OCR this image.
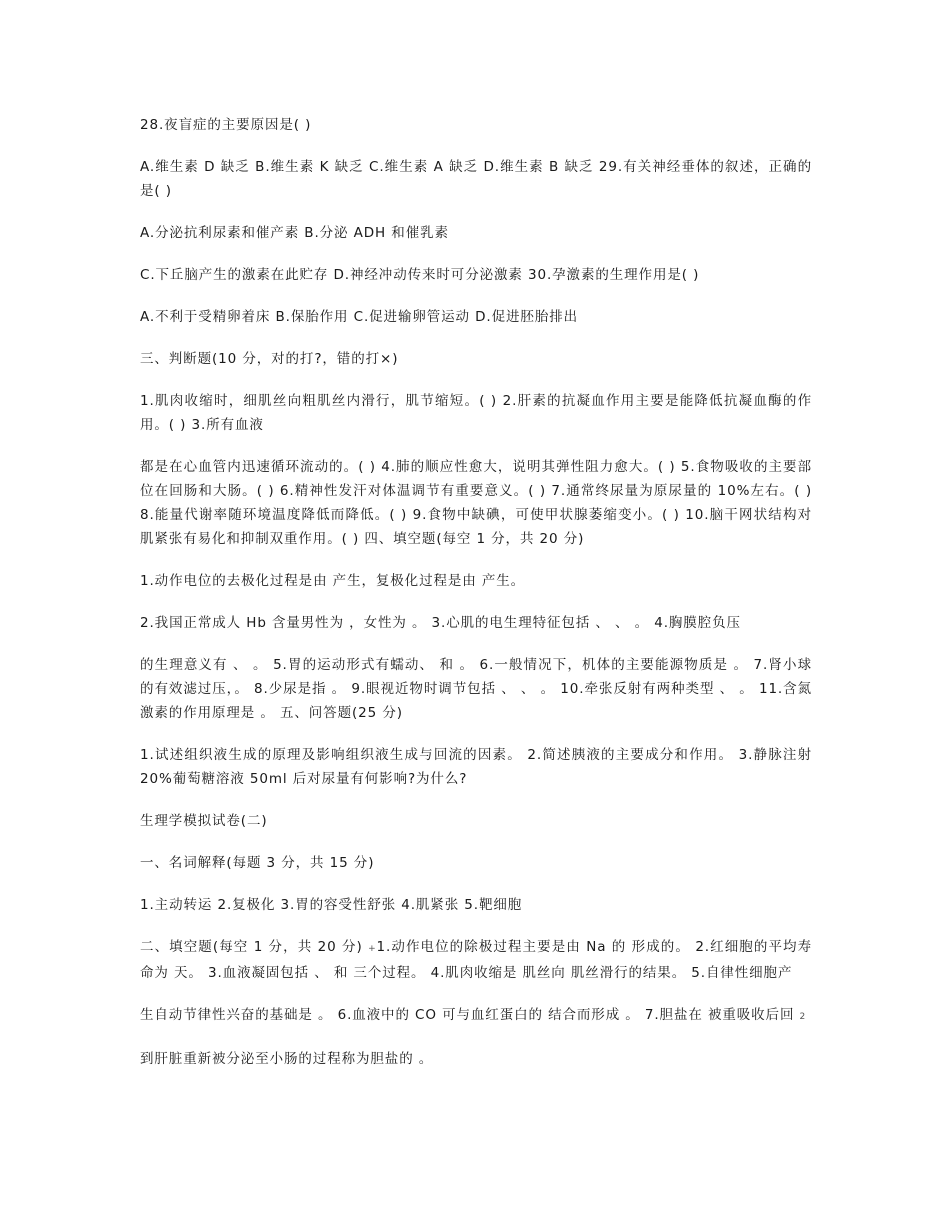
28.夜盲症的主要原因是( )

A.维生素 D 缺乏 B.维生素 K 缺乏 C.维生素 A 缺乏 D.维生素 B 缺乏 29.有关神经垂体的叙述，正确的是( )

A.分泌抗利尿素和催产素 B.分泌 ADH 和催乳素

C.下丘脑产生的激素在此贮存 D.神经冲动传来时可分泌激素 30.孕激素的生理作用是( )

A.不利于受精卵着床 B.保胎作用 C.促进输卵管运动 D.促进胚胎排出

三、判断题(10 分，对的打?，错的打×)

1.肌肉收缩时，细肌丝向粗肌丝内滑行，肌节缩短。( ) 2.肝素的抗凝血作用主要是能降低抗凝血酶的作用。( ) 3.所有血液

都是在心血管内迅速循环流动的。( ) 4.肺的顺应性愈大，说明其弹性阻力愈大。( ) 5.食物吸收的主要部位在回肠和大肠。( ) 6.精神性发汗对体温调节有重要意义。( ) 7.通常终尿量为原尿量的 10%左右。( ) 8.能量代谢率随环境温度降低而降低。( ) 9.食物中缺碘，可使甲状腺萎缩变小。( ) 10.脑干网状结构对肌紧张有易化和抑制双重作用。( ) 四、填空题(每空 1 分，共 20 分)

1.动作电位的去极化过程是由 产生，复极化过程是由 产生。

2.我国正常成人 Hb 含量男性为 ，女性为 。 3.心肌的电生理特征包括 、 、 。 4.胸膜腔负压

的生理意义有 、 。 5.胃的运动形式有蠕动、 和 。 6.一般情况下，机体的主要能源物质是 。 7.肾小球的有效滤过压，。 8.少尿是指 。 9.眼视近物时调节包括 、 、 。 10.牵张反射有两种类型 、 。 11.含氮激素的作用原理是 。 五、问答题(25 分)

1.试述组织液生成的原理及影响组织液生成与回流的因素。 2.简述胰液的主要成分和作用。 3.静脉注射 20%葡萄糖溶液 50ml 后对尿量有何影响?为什么?

生理学模拟试卷(二)

一、名词解释(每题 3 分，共 15 分)

1.主动转运 2.复极化 3.胃的容受性舒张 4.肌紧张 5.靶细胞

二、填空题(每空 1 分，共 20 分) +1.动作电位的除极过程主要是由 Na 的 形成的。 2.红细胞的平均寿命为 天。 3.血液凝固包括 、 和 三个过程。 4.肌肉收缩是 肌丝向 肌丝滑行的结果。 5.自律性细胞产

生自动节律性兴奋的基础是 。 6.血液中的 CO 可与血红蛋白的 结合而形成 。 7.胆盐在 被重吸收后回 2

到肝脏重新被分泌至小肠的过程称为胆盐的 。
